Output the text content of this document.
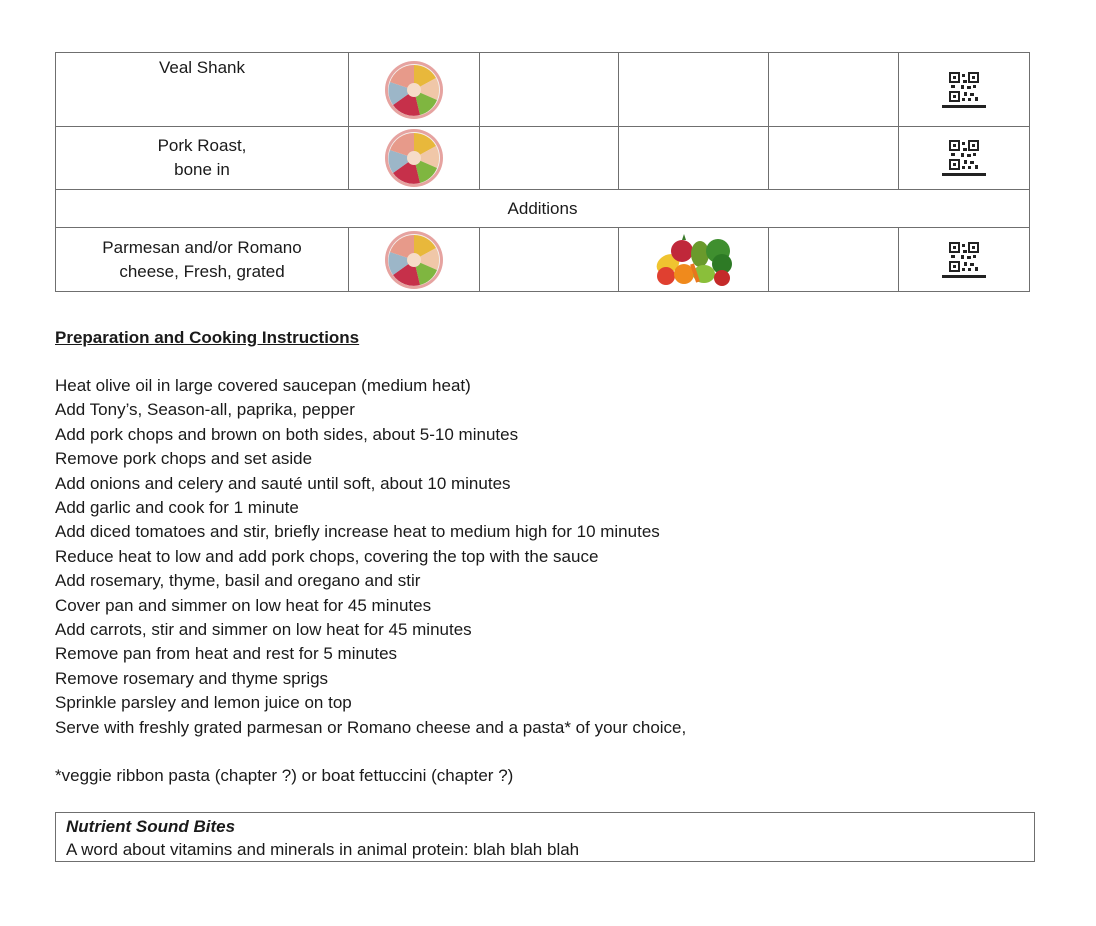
Veal Shank	

Pork Roast,
bone in

Additions					

Parmesan and/or Romano
cheese, Fresh, grated

Preparation and Cooking Instructions
Heat olive oil in large covered saucepan (medium heat)
Add Tony’s, Season-all, paprika, pepper
Add pork chops and brown on both sides, about 5-10 minutes
Remove pork chops and set aside
Add onions and celery and sauté until soft, about 10 minutes
Add garlic and cook for 1 minute
Add diced tomatoes and stir, briefly increase heat to medium high for 10 minutes
Reduce heat to low and add pork chops, covering the top with the sauce
Add rosemary, thyme, basil and oregano and stir
Cover pan and simmer on low heat for 45 minutes
Add carrots, stir and simmer on low heat for 45 minutes
Remove pan from heat and rest for 5 minutes
Remove rosemary and thyme sprigs
Sprinkle parsley and lemon juice on top
Serve with freshly grated parmesan or Romano cheese and a pasta* of your choice,

*veggie ribbon pasta (chapter ?) or boat fettuccini (chapter ?)

Nutrient Sound Bites
A word about vitamins and minerals in animal protein: blah blah blah
